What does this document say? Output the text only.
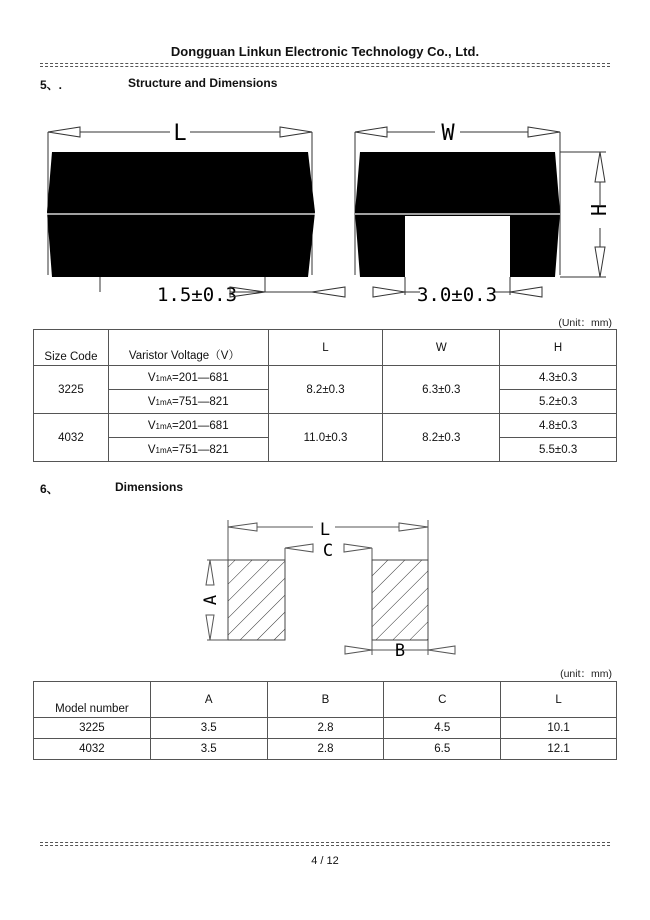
Dongguan Linkun Electronic Technology Co., Ltd.
5、.	Structure and Dimensions
L
1.5±0.3
W
H
3.0±0.3
(Unit：mm)
Size Code	Varistor Voltage（V）	L	W	H
3225	V1mA=201—681	8.2±0.3	6.3±0.3	4.3±0.3
	V1mA=751—821			5.2±0.3
4032	V1mA=201—681	11.0±0.3	8.2±0.3	4.8±0.3
	V1mA=751—821			5.5±0.3
6、	Dimensions
L
C
A
B
(unit：mm)
Model number	A	B	C	L
3225	3.5	2.8	4.5	10.1
4032	3.5	2.8	6.5	12.1
4 / 12
